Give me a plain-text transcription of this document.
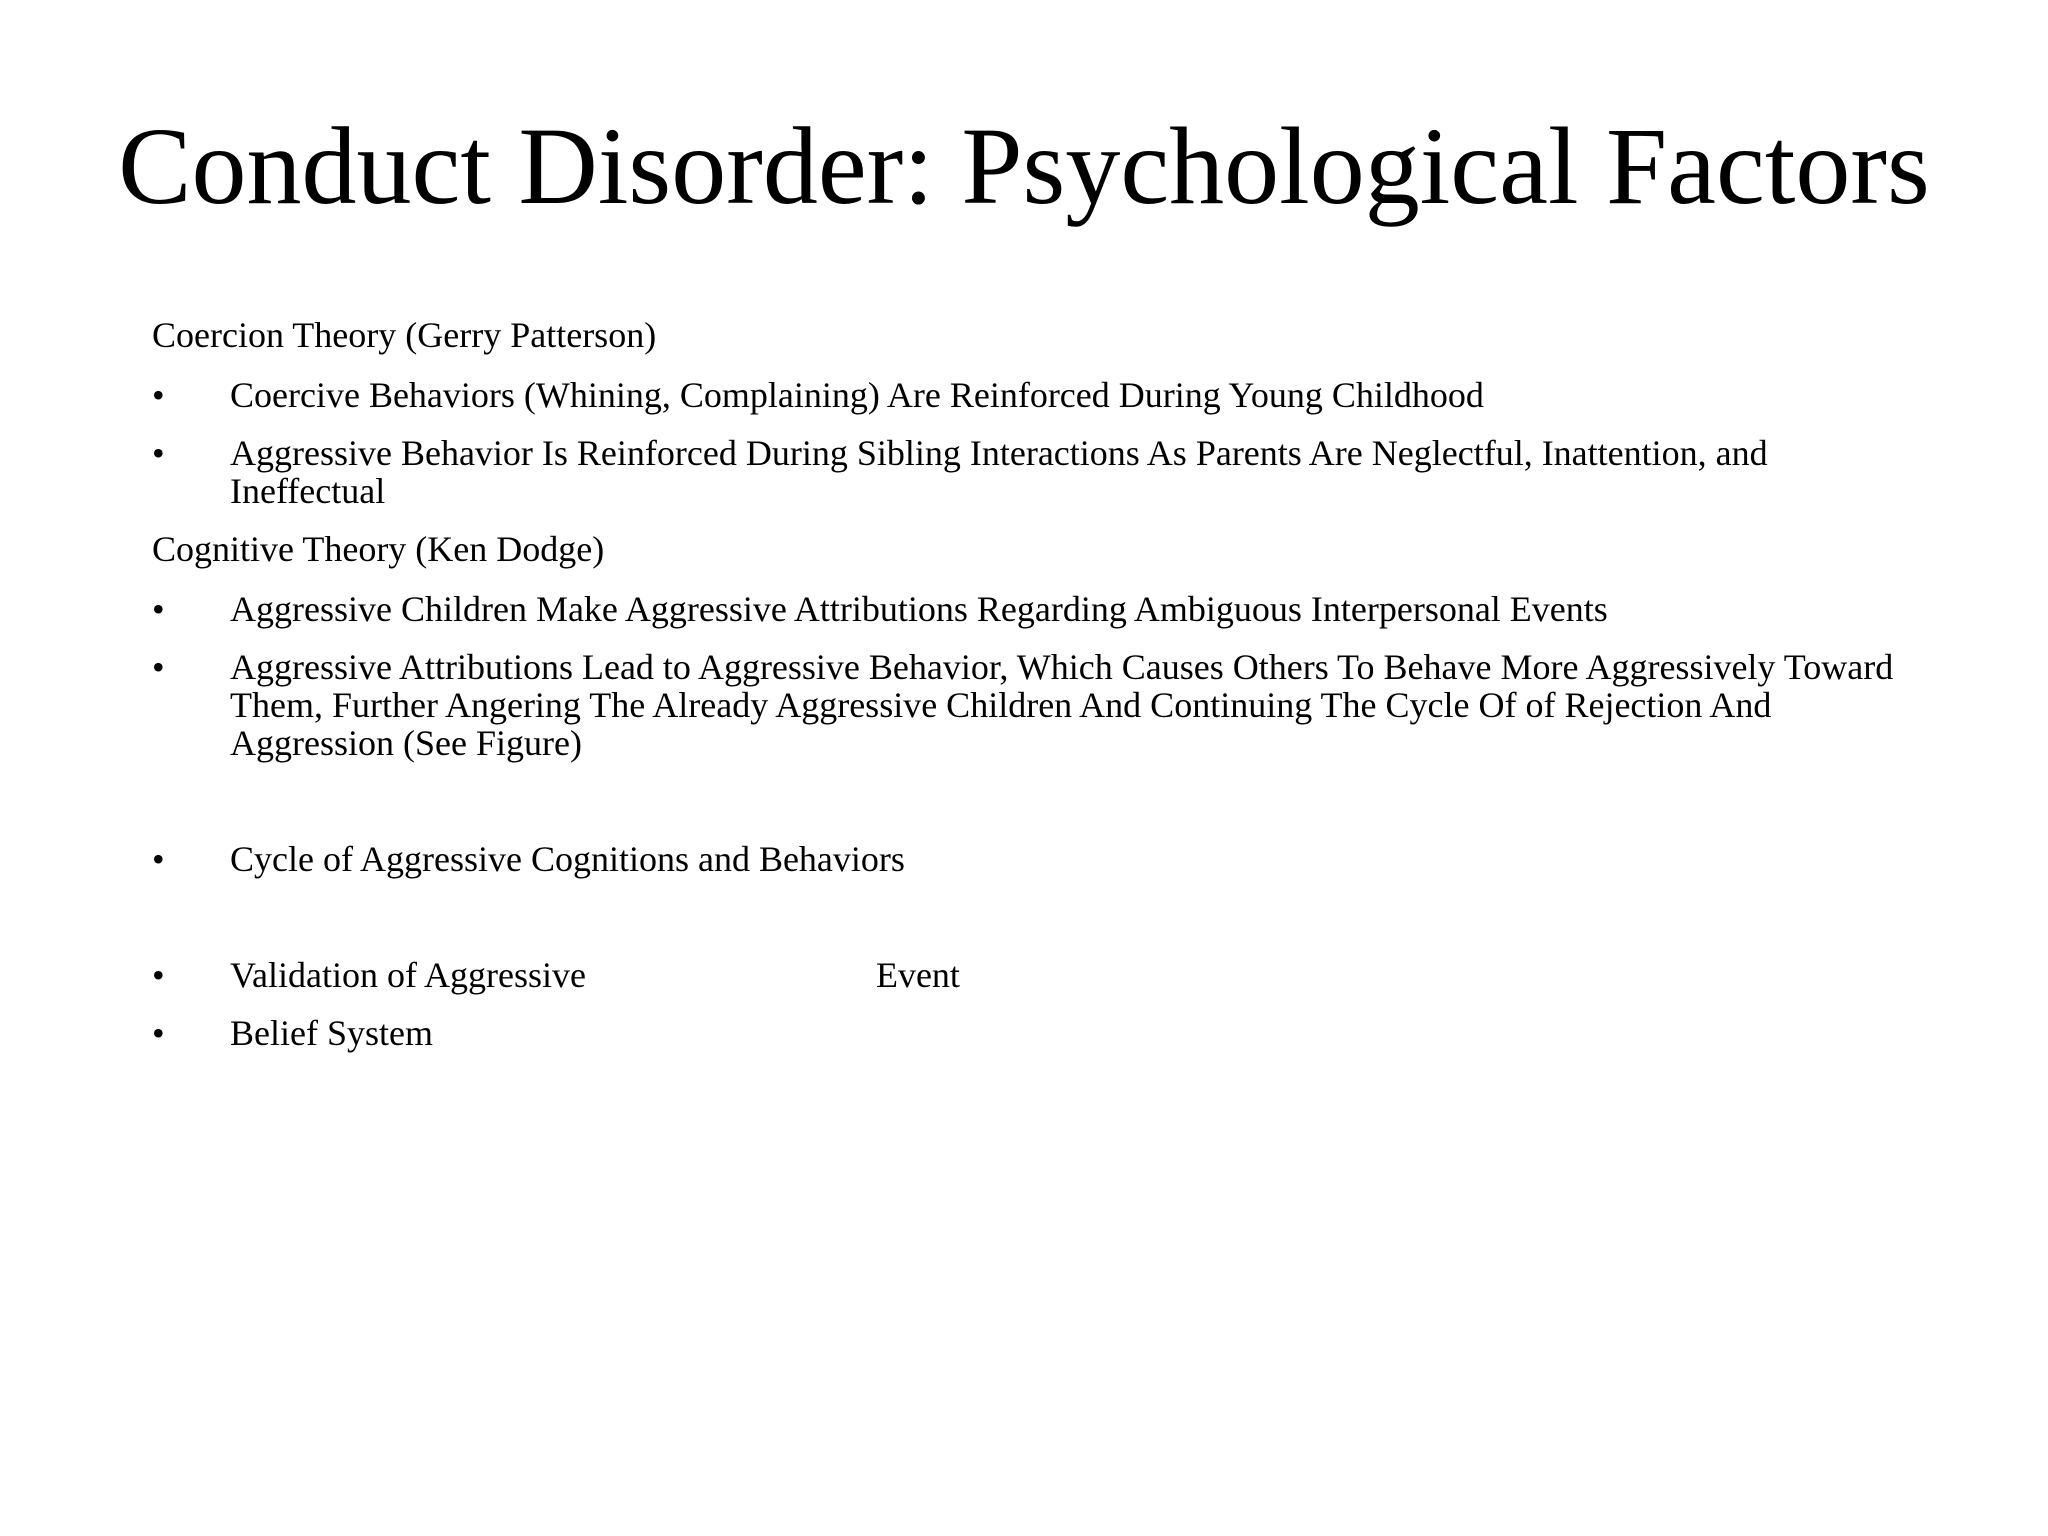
Conduct Disorder: Psychological Factors
Coercion Theory (Gerry Patterson)
•	Coercive Behaviors (Whining, Complaining) Are Reinforced During Young Childhood
•	Aggressive Behavior Is Reinforced During Sibling Interactions As Parents Are Neglectful, Inattention, and Ineffectual
Cognitive Theory (Ken Dodge)
•	Aggressive Children Make Aggressive Attributions Regarding Ambiguous Interpersonal Events
•	Aggressive Attributions Lead to Aggressive Behavior, Which Causes Others To Behave More Aggressively Toward Them, Further Angering The Already Aggressive Children And Continuing The Cycle Of of Rejection And Aggression (See Figure)
•	Cycle of Aggressive Cognitions and Behaviors
•	Validation of Aggressive	Event
•	Belief System
